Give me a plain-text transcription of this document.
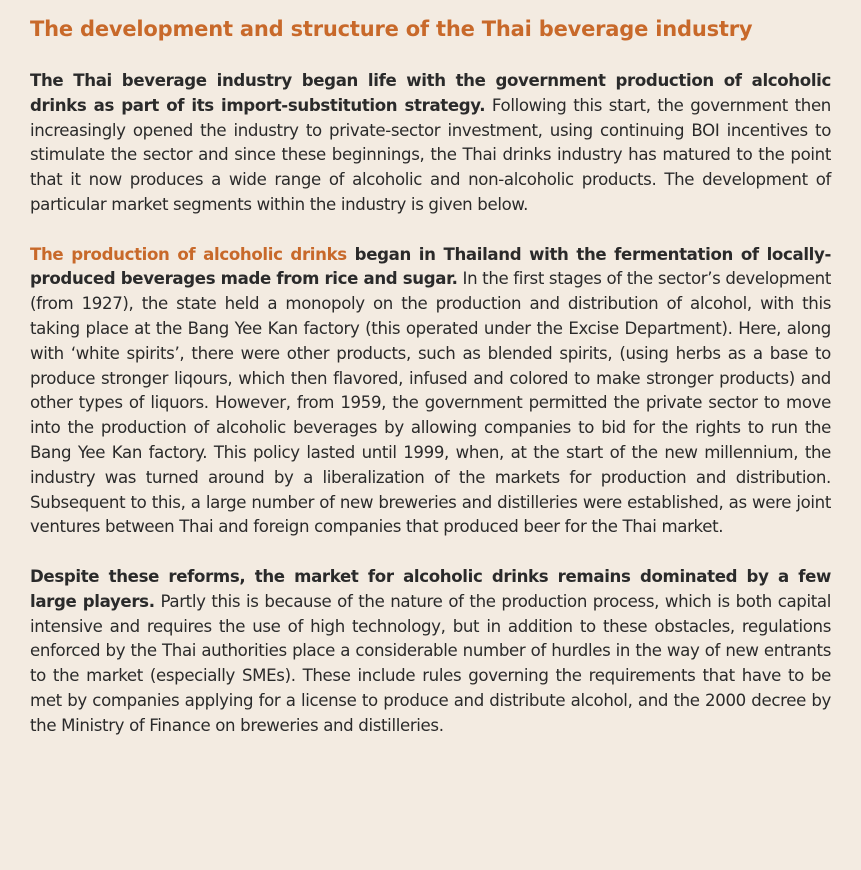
The development and structure of the Thai beverage industry

The Thai beverage industry began life with the government production of alcoholic drinks as part of its import-substitution strategy. Following this start, the government then increasingly opened the industry to private-sector investment, using continuing BOI incentives to stimulate the sector and since these beginnings, the Thai drinks industry has matured to the point that it now produces a wide range of alcoholic and non-alcoholic products. The development of particular market segments within the industry is given below.

The production of alcoholic drinks began in Thailand with the fermentation of locally-produced beverages made from rice and sugar. In the first stages of the sector’s development (from 1927), the state held a monopoly on the production and distribution of alcohol, with this taking place at the Bang Yee Kan factory (this operated under the Excise Department). Here, along with ‘white spirits’, there were other products, such as blended spirits, (using herbs as a base to produce stronger liqours, which then flavored, infused and colored to make stronger products) and other types of liquors. However, from 1959, the government permitted the private sector to move into the production of alcoholic beverages by allowing companies to bid for the rights to run the Bang Yee Kan factory. This policy lasted until 1999, when, at the start of the new millennium, the industry was turned around by a liberalization of the markets for production and distribution. Subsequent to this, a large number of new breweries and distilleries were established, as were joint ventures between Thai and foreign companies that produced beer for the Thai market.

Despite these reforms, the market for alcoholic drinks remains dominated by a few large players. Partly this is because of the nature of the production process, which is both capital intensive and requires the use of high technology, but in addition to these obstacles, regulations enforced by the Thai authorities place a considerable number of hurdles in the way of new entrants to the market (especially SMEs). These include rules governing the requirements that have to be met by companies applying for a license to produce and distribute alcohol, and the 2000 decree by the Ministry of Finance on breweries and distilleries.
